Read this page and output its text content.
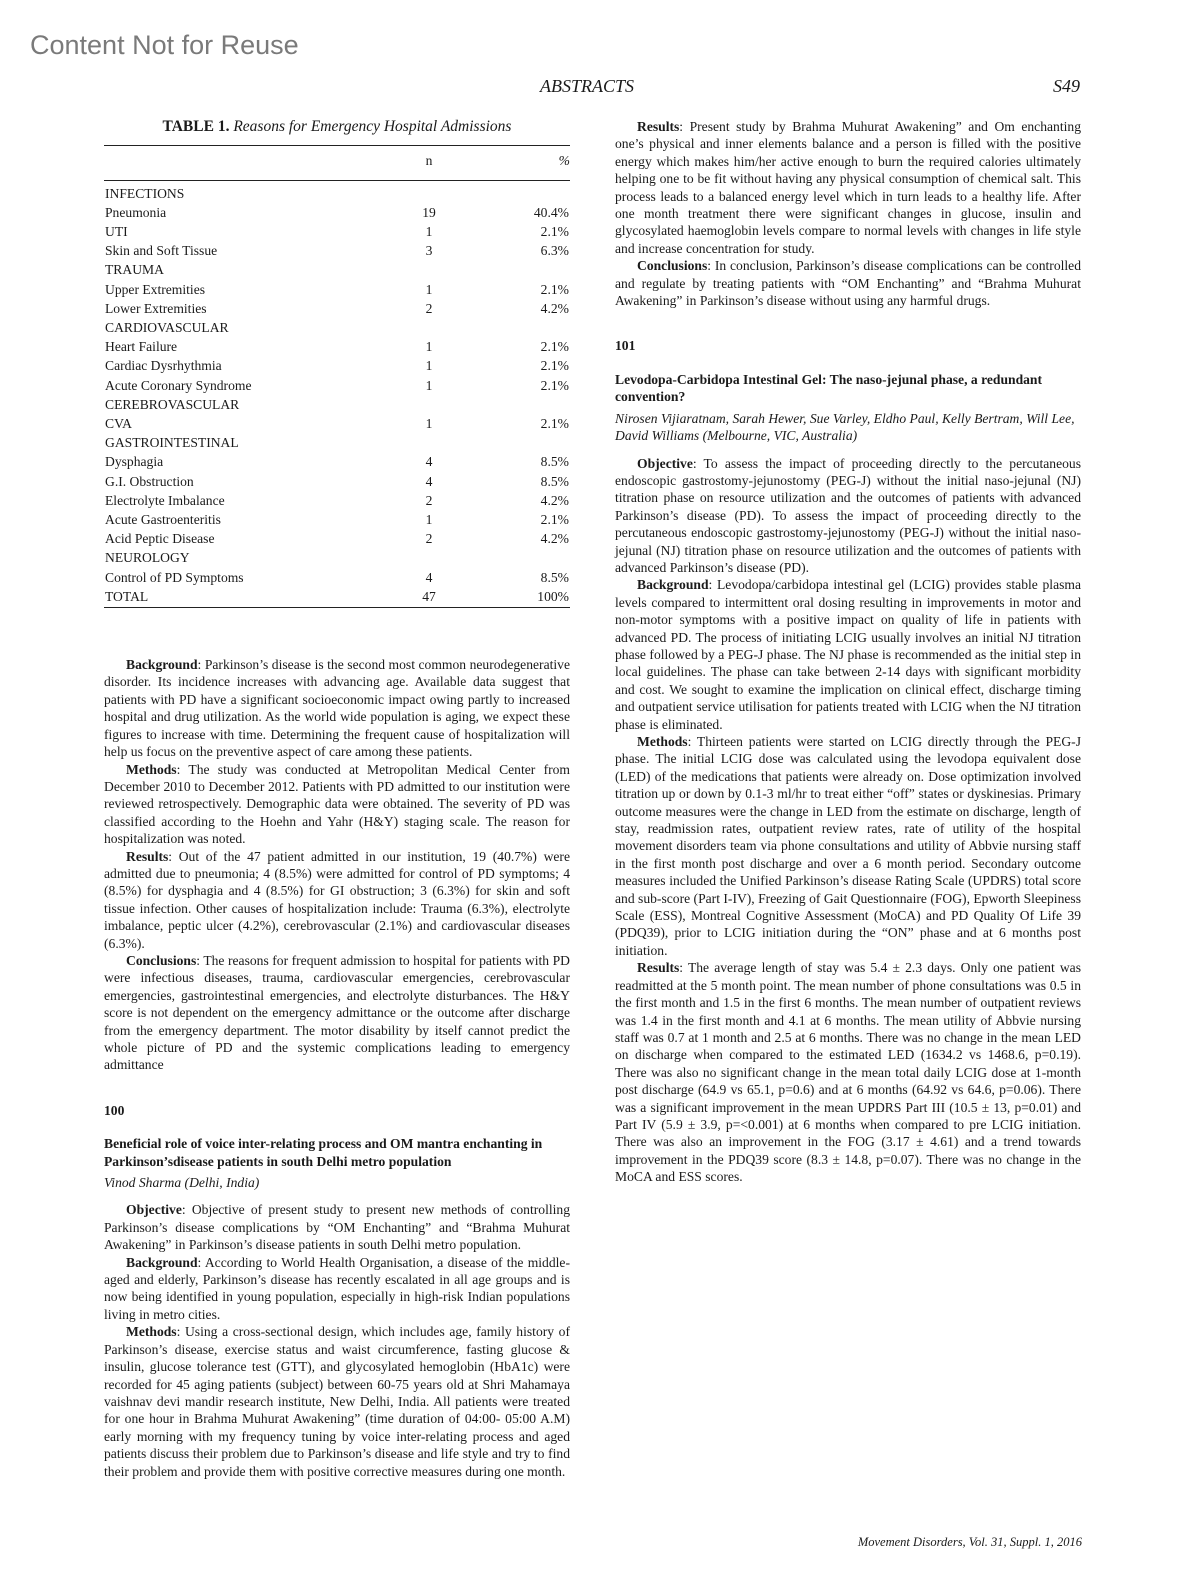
Content Not for Reuse
ABSTRACTS	S49
TABLE 1. Reasons for Emergency Hospital Admissions
	n	%
INFECTIONS		
Pneumonia	19	40.4%
UTI	1	2.1%
Skin and Soft Tissue	3	6.3%
TRAUMA		
Upper Extremities	1	2.1%
Lower Extremities	2	4.2%
CARDIOVASCULAR		
Heart Failure	1	2.1%
Cardiac Dysrhythmia	1	2.1%
Acute Coronary Syndrome	1	2.1%
CEREBROVASCULAR		
CVA	1	2.1%
GASTROINTESTINAL		
Dysphagia	4	8.5%
G.I. Obstruction	4	8.5%
Electrolyte Imbalance	2	4.2%
Acute Gastroenteritis	1	2.1%
Acid Peptic Disease	2	4.2%
NEUROLOGY		
Control of PD Symptoms	4	8.5%
TOTAL	47	100%

Background: Parkinson’s disease is the second most common neurodegenerative disorder. Its incidence increases with advancing age. Available data suggest that patients with PD have a significant socioeconomic impact owing partly to increased hospital and drug utilization. As the world wide population is aging, we expect these figures to increase with time. Determining the frequent cause of hospitalization will help us focus on the preventive aspect of care among these patients.

Methods: The study was conducted at Metropolitan Medical Center from December 2010 to December 2012. Patients with PD admitted to our institution were reviewed retrospectively. Demographic data were obtained. The severity of PD was classified according to the Hoehn and Yahr (H&Y) staging scale. The reason for hospitalization was noted.

Results: Out of the 47 patient admitted in our institution, 19 (40.7%) were admitted due to pneumonia; 4 (8.5%) were admitted for control of PD symptoms; 4 (8.5%) for dysphagia and 4 (8.5%) for GI obstruction; 3 (6.3%) for skin and soft tissue infection. Other causes of hospitalization include: Trauma (6.3%), electrolyte imbalance, peptic ulcer (4.2%), cerebrovascular (2.1%) and cardiovascular diseases (6.3%).

Conclusions: The reasons for frequent admission to hospital for patients with PD were infectious diseases, trauma, cardiovascular emergencies, cerebrovascular emergencies, gastrointestinal emergencies, and electrolyte disturbances. The H&Y score is not dependent on the emergency admittance or the outcome after discharge from the emergency department. The motor disability by itself cannot predict the whole picture of PD and the systemic complications leading to emergency admittance

100

Beneficial role of voice inter-relating process and OM mantra enchanting in Parkinson’sdisease patients in south Delhi metro population

Vinod Sharma (Delhi, India)

Objective: Objective of present study to present new methods of controlling Parkinson’s disease complications by “OM Enchanting” and “Brahma Muhurat Awakening” in Parkinson’s disease patients in south Delhi metro population.

Background: According to World Health Organisation, a disease of the middle-aged and elderly, Parkinson’s disease has recently escalated in all age groups and is now being identified in young population, especially in high-risk Indian populations living in metro cities.

Methods: Using a cross-sectional design, which includes age, family history of Parkinson’s disease, exercise status and waist circumference, fasting glucose & insulin, glucose tolerance test (GTT), and glycosylated hemoglobin (HbA1c) were recorded for 45 aging patients (subject) between 60-75 years old at Shri Mahamaya vaishnav devi mandir research institute, New Delhi, India. All patients were treated for one hour in Brahma Muhurat Awakening” (time duration of 04:00- 05:00 A.M) early morning with my frequency tuning by voice inter-relating process and aged patients discuss their problem due to Parkinson’s disease and life style and try to find their problem and provide them with positive corrective measures during one month.

Results: Present study by Brahma Muhurat Awakening” and Om enchanting one’s physical and inner elements balance and a person is filled with the positive energy which makes him/her active enough to burn the required calories ultimately helping one to be fit without having any physical consumption of chemical salt. This process leads to a balanced energy level which in turn leads to a healthy life. After one month treatment there were significant changes in glucose, insulin and glycosylated haemoglobin levels compare to normal levels with changes in life style and increase concentration for study.

Conclusions: In conclusion, Parkinson’s disease complications can be controlled and regulate by treating patients with “OM Enchanting” and “Brahma Muhurat Awakening” in Parkinson’s disease without using any harmful drugs.

101

Levodopa-Carbidopa Intestinal Gel: The naso-jejunal phase, a redundant convention?

Nirosen Vijiaratnam, Sarah Hewer, Sue Varley, Eldho Paul, Kelly Bertram, Will Lee, David Williams (Melbourne, VIC, Australia)

Objective: To assess the impact of proceeding directly to the percutaneous endoscopic gastrostomy-jejunostomy (PEG-J) without the initial naso-jejunal (NJ) titration phase on resource utilization and the outcomes of patients with advanced Parkinson’s disease (PD). To assess the impact of proceeding directly to the percutaneous endoscopic gastrostomy-jejunostomy (PEG-J) without the initial naso-jejunal (NJ) titration phase on resource utilization and the outcomes of patients with advanced Parkinson’s disease (PD).

Background: Levodopa/carbidopa intestinal gel (LCIG) provides stable plasma levels compared to intermittent oral dosing resulting in improvements in motor and non-motor symptoms with a positive impact on quality of life in patients with advanced PD. The process of initiating LCIG usually involves an initial NJ titration phase followed by a PEG-J phase. The NJ phase is recommended as the initial step in local guidelines. The phase can take between 2-14 days with significant morbidity and cost. We sought to examine the implication on clinical effect, discharge timing and outpatient service utilisation for patients treated with LCIG when the NJ titration phase is eliminated.

Methods: Thirteen patients were started on LCIG directly through the PEG-J phase. The initial LCIG dose was calculated using the levodopa equivalent dose (LED) of the medications that patients were already on. Dose optimization involved titration up or down by 0.1-3 ml/hr to treat either “off” states or dyskinesias. Primary outcome measures were the change in LED from the estimate on discharge, length of stay, readmission rates, outpatient review rates, rate of utility of the hospital movement disorders team via phone consultations and utility of Abbvie nursing staff in the first month post discharge and over a 6 month period. Secondary outcome measures included the Unified Parkinson’s disease Rating Scale (UPDRS) total score and sub-score (Part I-IV), Freezing of Gait Questionnaire (FOG), Epworth Sleepiness Scale (ESS), Montreal Cognitive Assessment (MoCA) and PD Quality Of Life 39 (PDQ39), prior to LCIG initiation during the “ON” phase and at 6 months post initiation.

Results: The average length of stay was 5.4 ± 2.3 days. Only one patient was readmitted at the 5 month point. The mean number of phone consultations was 0.5 in the first month and 1.5 in the first 6 months. The mean number of outpatient reviews was 1.4 in the first month and 4.1 at 6 months. The mean utility of Abbvie nursing staff was 0.7 at 1 month and 2.5 at 6 months. There was no change in the mean LED on discharge when compared to the estimated LED (1634.2 vs 1468.6, p=0.19). There was also no significant change in the mean total daily LCIG dose at 1-month post discharge (64.9 vs 65.1, p=0.6) and at 6 months (64.92 vs 64.6, p=0.06). There was a significant improvement in the mean UPDRS Part III (10.5 ± 13, p=0.01) and Part IV (5.9 ± 3.9, p=<0.001) at 6 months when compared to pre LCIG initiation. There was also an improvement in the FOG (3.17 ± 4.61) and a trend towards improvement in the PDQ39 score (8.3 ± 14.8, p=0.07). There was no change in the MoCA and ESS scores.

Movement Disorders, Vol. 31, Suppl. 1, 2016
